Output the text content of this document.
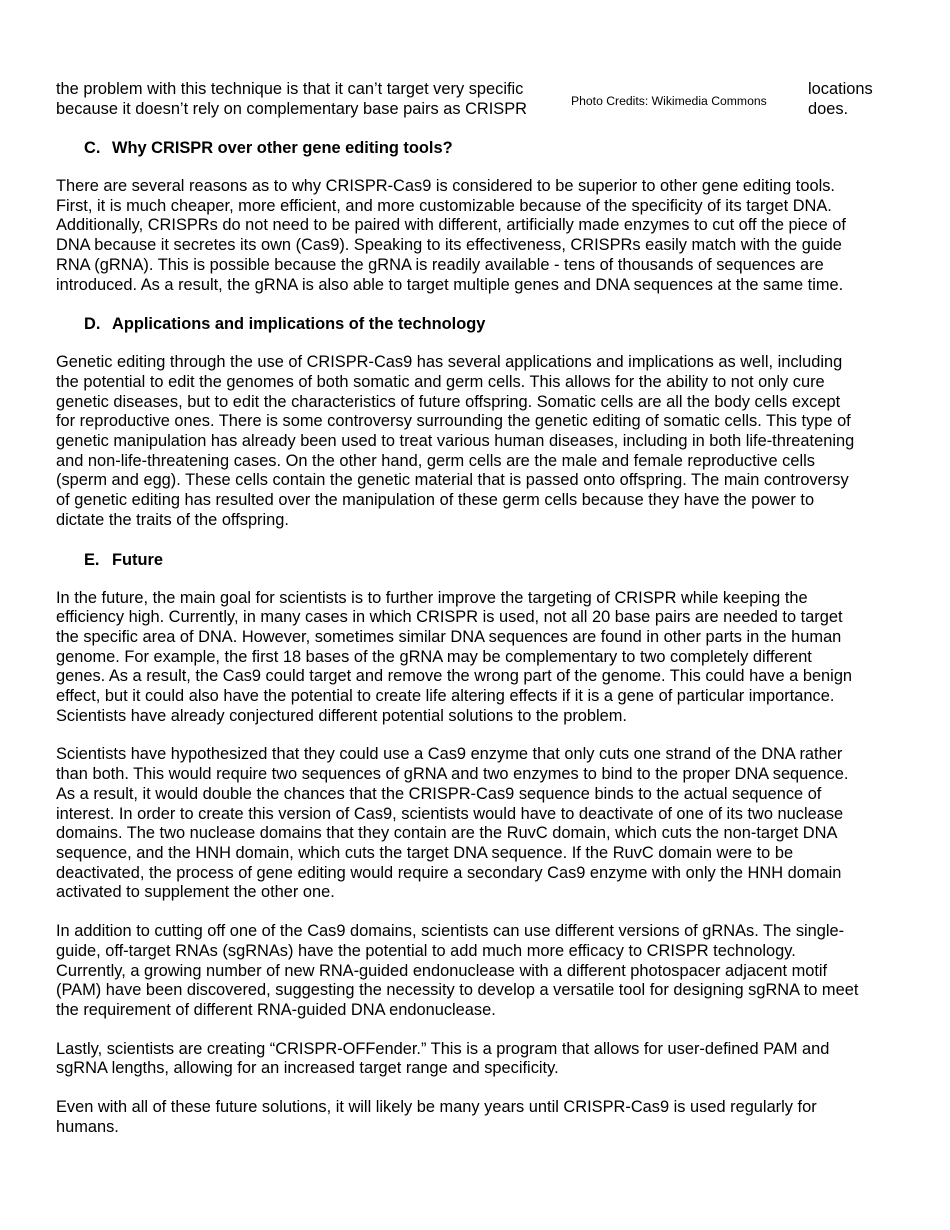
the problem with this technique is that it can’t target very specific
because it doesn’t rely on complementary base pairs as CRISPR	Photo Credits: Wikimedia Commons
locations
does.
C. Why CRISPR over other gene editing tools?

There are several reasons as to why CRISPR-Cas9 is considered to be superior to other gene editing tools.
First, it is much cheaper, more efficient, and more customizable because of the specificity of its target DNA.
Additionally, CRISPRs do not need to be paired with different, artificially made enzymes to cut off the piece of
DNA because it secretes its own (Cas9). Speaking to its effectiveness, CRISPRs easily match with the guide
RNA (gRNA). This is possible because the gRNA is readily available - tens of thousands of sequences are
introduced. As a result, the gRNA is also able to target multiple genes and DNA sequences at the same time.

D. Applications and implications of the technology

Genetic editing through the use of CRISPR-Cas9 has several applications and implications as well, including
the potential to edit the genomes of both somatic and germ cells. This allows for the ability to not only cure
genetic diseases, but to edit the characteristics of future offspring. Somatic cells are all the body cells except
for reproductive ones. There is some controversy surrounding the genetic editing of somatic cells. This type of
genetic manipulation has already been used to treat various human diseases, including in both life-threatening
and non-life-threatening cases. On the other hand, germ cells are the male and female reproductive cells
(sperm and egg). These cells contain the genetic material that is passed onto offspring. The main controversy
of genetic editing has resulted over the manipulation of these germ cells because they have the power to
dictate the traits of the offspring.

E. Future

In the future, the main goal for scientists is to further improve the targeting of CRISPR while keeping the
efficiency high. Currently, in many cases in which CRISPR is used, not all 20 base pairs are needed to target
the specific area of DNA. However, sometimes similar DNA sequences are found in other parts in the human
genome. For example, the first 18 bases of the gRNA may be complementary to two completely different
genes. As a result, the Cas9 could target and remove the wrong part of the genome. This could have a benign
effect, but it could also have the potential to create life altering effects if it is a gene of particular importance.
Scientists have already conjectured different potential solutions to the problem.

Scientists have hypothesized that they could use a Cas9 enzyme that only cuts one strand of the DNA rather
than both. This would require two sequences of gRNA and two enzymes to bind to the proper DNA sequence.
As a result, it would double the chances that the CRISPR-Cas9 sequence binds to the actual sequence of
interest. In order to create this version of Cas9, scientists would have to deactivate of one of its two nuclease
domains. The two nuclease domains that they contain are the RuvC domain, which cuts the non-target DNA
sequence, and the HNH domain, which cuts the target DNA sequence. If the RuvC domain were to be
deactivated, the process of gene editing would require a secondary Cas9 enzyme with only the HNH domain
activated to supplement the other one.

In addition to cutting off one of the Cas9 domains, scientists can use different versions of gRNAs. The single-
guide, off-target RNAs (sgRNAs) have the potential to add much more efficacy to CRISPR technology.
Currently, a growing number of new RNA-guided endonuclease with a different photospacer adjacent motif
(PAM) have been discovered, suggesting the necessity to develop a versatile tool for designing sgRNA to meet
the requirement of different RNA-guided DNA endonuclease.

Lastly, scientists are creating “CRISPR-OFFender.” This is a program that allows for user-defined PAM and
sgRNA lengths, allowing for an increased target range and specificity.

Even with all of these future solutions, it will likely be many years until CRISPR-Cas9 is used regularly for
humans.
